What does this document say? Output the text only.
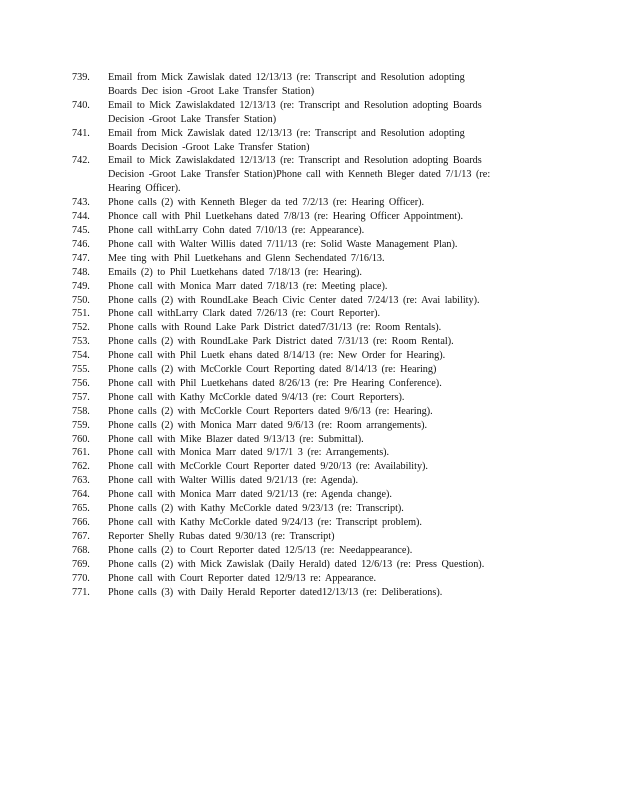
739.	Email from Mick Zawislak dated 12/13/13 (re: Transcript and Resolution adopting
Boards Dec ision -Groot Lake Transfer Station)
740.	Email to Mick Zawislakdated 12/13/13 (re: Transcript and Resolution adopting Boards
Decision -Groot Lake Transfer Station)
741.	Email from Mick Zawislak dated 12/13/13 (re: Transcript and Resolution adopting
Boards Decision -Groot Lake Transfer Station)
742.	Email to Mick Zawislakdated 12/13/13 (re: Transcript and Resolution adopting Boards
Decision -Groot Lake Transfer Station)Phone call with Kenneth Bleger dated 7/1/13 (re:
Hearing Officer).
743.	Phone calls (2) with Kenneth Bleger da ted 7/2/13 (re: Hearing Officer).
744.	Phonce call with Phil Luetkehans dated 7/8/13 (re: Hearing Officer Appointment).
745.	Phone call withLarry Cohn dated 7/10/13 (re: Appearance).
746.	Phone call with Walter Willis dated 7/11/13 (re: Solid Waste Management Plan).
747.	Mee ting with Phil Luetkehans and Glenn Sechendated 7/16/13.
748.	Emails (2) to Phil Luetkehans dated 7/18/13 (re: Hearing).
749.	Phone call with Monica Marr dated 7/18/13 (re: Meeting place).
750.	Phone calls (2) with RoundLake Beach Civic Center dated 7/24/13 (re: Avai lability).
751.	Phone call withLarry Clark dated 7/26/13 (re: Court Reporter).
752.	Phone calls with Round Lake Park District dated7/31/13 (re: Room Rentals).
753.	Phone calls (2) with RoundLake Park District dated 7/31/13 (re: Room Rental).
754.	Phone call with Phil Luetk ehans dated 8/14/13 (re: New Order for Hearing).
755.	Phone calls (2) with McCorkle Court Reporting dated 8/14/13 (re: Hearing)
756.	Phone call with Phil Luetkehans dated 8/26/13 (re: Pre Hearing Conference).
757.	Phone call with Kathy McCorkle dated 9/4/13 (re: Court Reporters).
758.	Phone calls (2) with McCorkle Court Reporters dated 9/6/13 (re: Hearing).
759.	Phone calls (2) with Monica Marr dated 9/6/13 (re: Room arrangements).
760.	Phone call with Mike Blazer dated 9/13/13 (re: Submittal).
761.	Phone call with Monica Marr dated 9/17/1 3 (re: Arrangements).
762.	Phone call with McCorkle Court Reporter dated 9/20/13 (re: Availability).
763.	Phone call with Walter Willis dated 9/21/13 (re: Agenda).
764.	Phone call with Monica Marr dated 9/21/13 (re: Agenda change).
765.	Phone calls (2) with Kathy McCorkle dated 9/23/13 (re: Transcript).
766.	Phone call with Kathy McCorkle dated 9/24/13 (re: Transcript problem).
767.	Reporter Shelly Rubas dated 9/30/13 (re: Transcript)
768.	Phone calls (2) to Court Reporter dated 12/5/13 (re: Needappearance).
769.	Phone calls (2) with Mick Zawislak (Daily Herald) dated 12/6/13 (re: Press Question).
770.	Phone call with Court Reporter dated 12/9/13 re: Appearance.
771.	Phone calls (3) with Daily Herald Reporter dated12/13/13 (re: Deliberations).
